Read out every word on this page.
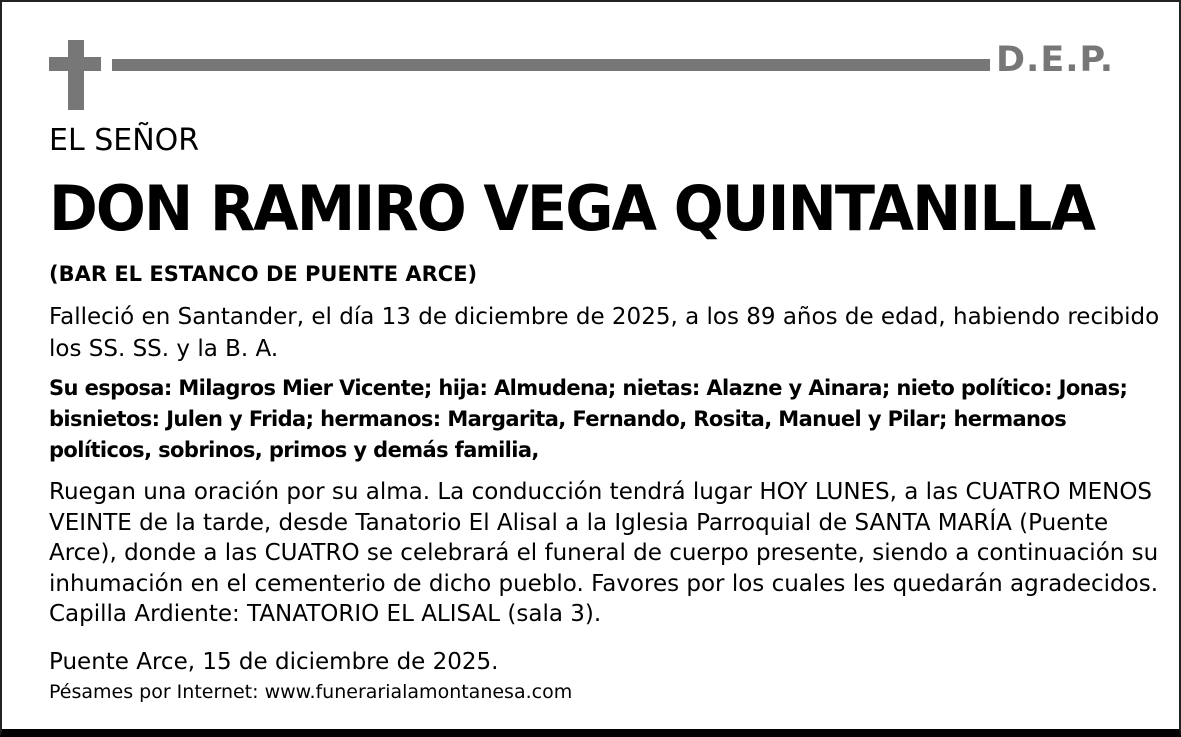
D.E.P.

EL SEÑOR

DON RAMIRO VEGA QUINTANILLA

(BAR EL ESTANCO DE PUENTE ARCE)

Falleció en Santander, el día 13 de diciembre de 2025, a los 89 años de edad, habiendo recibido los SS. SS. y la B. A.

Su esposa: Milagros Mier Vicente; hija: Almudena; nietas: Alazne y Ainara; nieto político: Jonas; bisnietos: Julen y Frida; hermanos: Margarita, Fernando, Rosita, Manuel y Pilar; hermanos políticos, sobrinos, primos y demás familia,

Ruegan una oración por su alma. La conducción tendrá lugar HOY LUNES, a las CUATRO MENOS VEINTE de la tarde, desde Tanatorio El Alisal a la Iglesia Parroquial de SANTA MARÍA (Puente Arce), donde a las CUATRO se celebrará el funeral de cuerpo presente, siendo a continuación su inhumación en el cementerio de dicho pueblo. Favores por los cuales les quedarán agradecidos. Capilla Ardiente: TANATORIO EL ALISAL (sala 3).

Puente Arce, 15 de diciembre de 2025.

Pésames por Internet: www.funerarialamontanesa.com
